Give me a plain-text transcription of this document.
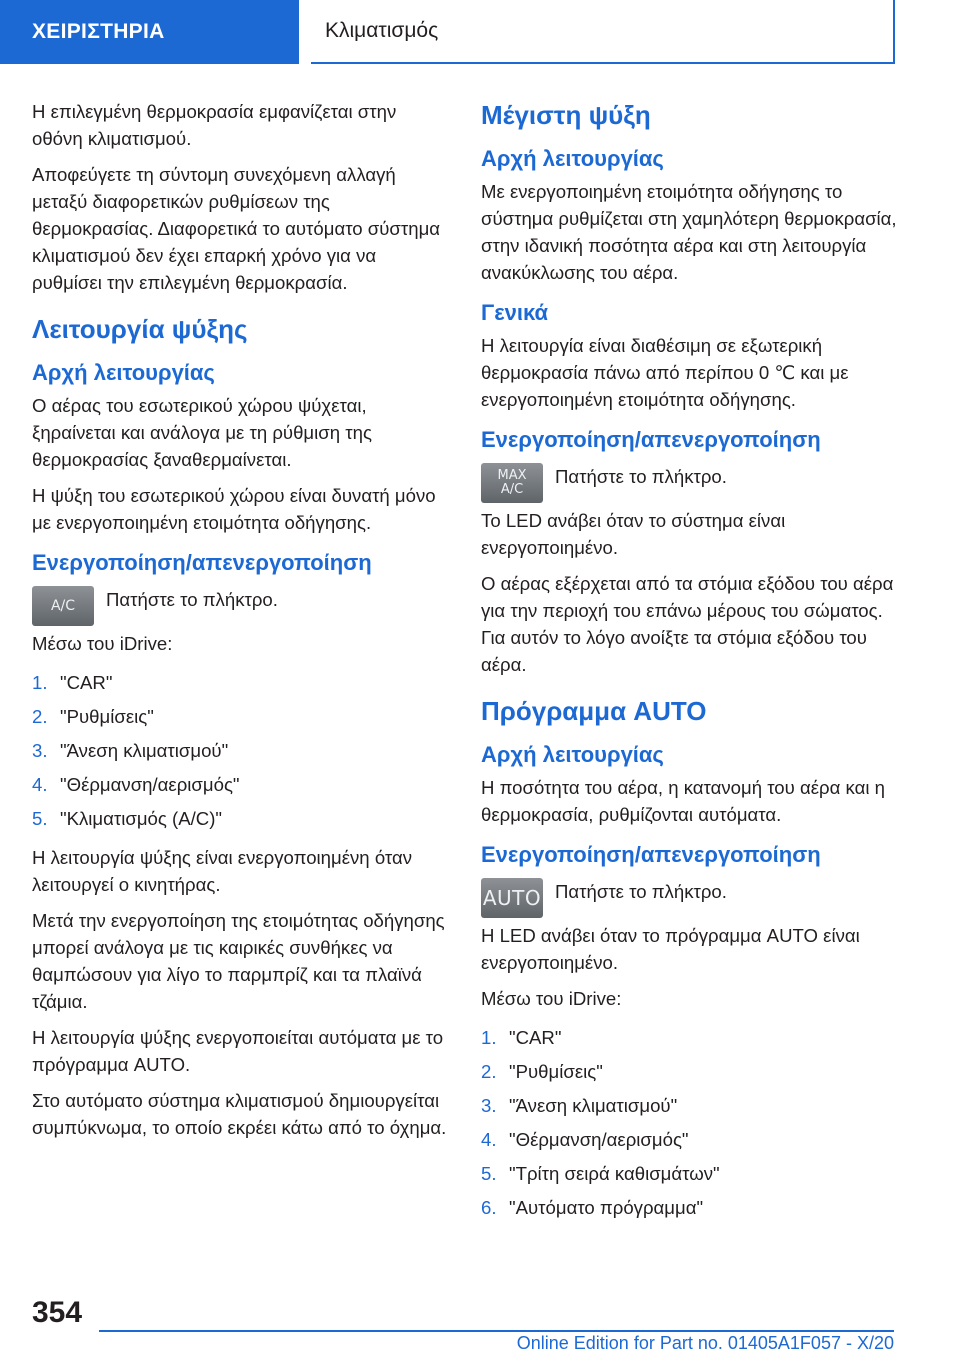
ΧΕΙΡΙΣΤΗΡΙΑ	Κλιματισμός

Η επιλεγμένη θερμοκρασία εμφανίζεται στην οθόνη κλιματισμού.

Αποφεύγετε τη σύντομη συνεχόμενη αλλαγή μεταξύ διαφορετικών ρυθμίσεων της θερμοκρασίας. Διαφορετικά το αυτόματο σύστημα κλιματισμού δεν έχει επαρκή χρόνο για να ρυθμίσει την επιλεγμένη θερμοκρασία.

Λειτουργία ψύξης
Αρχή λειτουργίας

Ο αέρας του εσωτερικού χώρου ψύχεται, ξηραίνεται και ανάλογα με τη ρύθμιση της θερμοκρασίας ξαναθερμαίνεται.

Η ψύξη του εσωτερικού χώρου είναι δυνατή μόνο με ενεργοποιημένη ετοιμότητα οδήγησης.

Ενεργοποίηση/απενεργοποίηση
A/C Πατήστε το πλήκτρο.

Μέσω του iDrive:

1. "CAR"
2. "Ρυθμίσεις"
3. "Άνεση κλιματισμού"
4. "Θέρμανση/αερισμός"
5. "Κλιματισμός (A/C)"

Η λειτουργία ψύξης είναι ενεργοποιημένη όταν λειτουργεί ο κινητήρας.

Μετά την ενεργοποίηση της ετοιμότητας οδήγησης μπορεί ανάλογα με τις καιρικές συνθήκες να θαμπώσουν για λίγο το παρμπρίζ και τα πλαϊνά τζάμια.

Η λειτουργία ψύξης ενεργοποιείται αυτόματα με το πρόγραμμα AUTO.

Στο αυτόματο σύστημα κλιματισμού δημιουργείται συμπύκνωμα, το οποίο εκρέει κάτω από το όχημα.

Μέγιστη ψύξη
Αρχή λειτουργίας

Με ενεργοποιημένη ετοιμότητα οδήγησης το σύστημα ρυθμίζεται στη χαμηλότερη θερμοκρασία, στην ιδανική ποσότητα αέρα και στη λειτουργία ανακύκλωσης του αέρα.

Γενικά

Η λειτουργία είναι διαθέσιμη σε εξωτερική θερμοκρασία πάνω από περίπου 0 ℃ και με ενεργοποιημένη ετοιμότητα οδήγησης.

Ενεργοποίηση/απενεργοποίηση
MAX
A/C

Πατήστε το πλήκτρο.

Το LED ανάβει όταν το σύστημα είναι ενεργοποιημένο.

Ο αέρας εξέρχεται από τα στόμια εξόδου του αέρα για την περιοχή του επάνω μέρους του σώματος. Για αυτόν το λόγο ανοίξτε τα στόμια εξόδου του αέρα.

Πρόγραμμα AUTO
Αρχή λειτουργίας

Η ποσότητα του αέρα, η κατανομή του αέρα και η θερμοκρασία, ρυθμίζονται αυτόματα.

Ενεργοποίηση/απενεργοποίηση
AUTO Πατήστε το πλήκτρο.

Η LED ανάβει όταν το πρόγραμμα AUTO είναι ενεργοποιημένο.

Μέσω του iDrive:

1. "CAR"
2. "Ρυθμίσεις"
3. "Άνεση κλιματισμού"
4. "Θέρμανση/αερισμός"
5. "Τρίτη σειρά καθισμάτων"
6. "Αυτόματο πρόγραμμα"
354
Online Edition for Part no. 01405A1F057 - X/20
